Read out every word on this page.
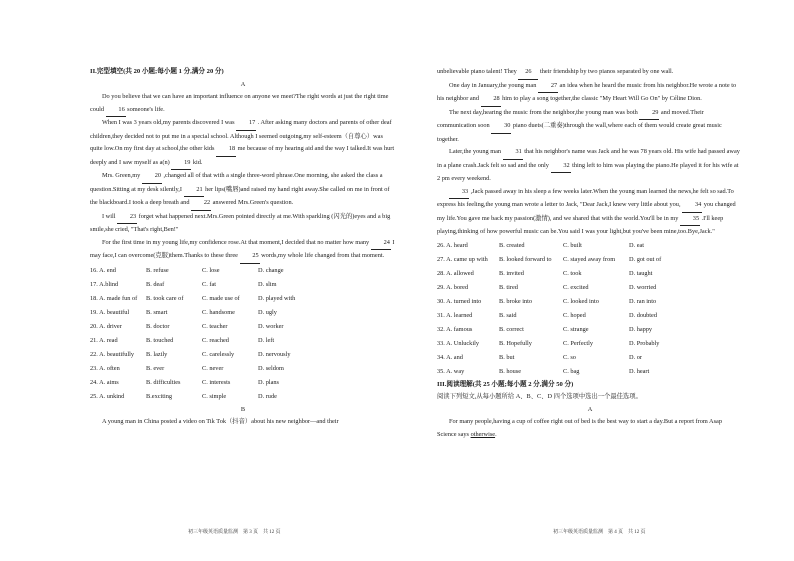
II.完型填空(共 20 小题;每小题 1 分,满分 20 分)

A

Do you believe that we can have an important influence on anyone we meet?The right words at just the right time could 16 someone's life.

When I was 3 years old,my parents discovered I was 17 . After asking many doctors and parents of other deaf children,they decided not to put me in a special school. Although I seemed outgoing,my self-esteem（自尊心）was quite low.On my first day at school,the other kids 18 me because of my hearing aid and the way I talked.It was hurt deeply and I saw myself as a(n) 19 kid.

Mrs. Green,my 20 ,changed all of that with a single three-word phrase.One morning, she asked the class a question.Sitting at my desk silently,I 21 her lips(嘴唇)and raised my hand right away.She called on me in front of the blackboard.I took a deep breath and 22 answered Mrs.Green's question.

I will 23 forget what happened next.Mrs.Green pointed directly at me.With sparkling (闪光的)eyes and a big smile,she cried, "That's right,Ben!"

For the first time in my young life,my confidence rose.At that moment,I decided that no matter how many 24 I may face,I can overcome(克服)them.Thanks to these three 25 words,my whole life changed from that moment.

16. A. end	B. refuse	C. lose	D. change
17. A.blind	B. deaf	C. fat	D. slim
18. A. made fun of	B. took care of	C. made use of	D. played with
19. A. beautiful	B. smart	C. handsome	D. ugly
20. A. driver	B. doctor	C. teacher	D. worker
21. A. read	B. touched	C. reached	D. left
22. A. beautifully	B. lazily	C. carelessly	D. nervously
23. A. often	B. ever	C. never	D. seldom
24. A. aims	B. difficulties	C. interests	D. plans
25. A. unkind	B.exciting	C. simple	D. rude

B

A young man in China posted a video on Tik Tok（抖音）about his new neighbor—and their

unbelievable piano talent! They 26 their friendship by two pianos separated by one wall.

One day in January,the young man 27 an idea when he heard the music from his neighbor.He wrote a note to his neighbor and 28 him to play a song together,the classic "My Heart Will Go On" by Céline Dion.

The next day,hearing the music from the neighbor,the young man was both 29 and moved.Their communication soon 30 piano duets(二重奏)through the wall,where each of them would create great music together.

Later,the young man 31 that his neighbor's name was Jack and he was 78 years old. His wife had passed away in a plane crash.Jack felt so sad and the only 32 thing left to him was playing the piano.He played it for his wife at 2 pm every weekend.

33 ,Jack passed away in his sleep a few weeks later.When the young man learned the news,he felt so sad.To express his feeling,the young man wrote a letter to Jack, "Dear Jack,I knew very little about you, 34 you changed my life.You gave me back my passion(激情), and we shared that with the world.You'll be in my 35 .I'll keep playing,thinking of how powerful music can be.You said I was your light,but you've been mine,too.Bye,Jack."

26. A. heard	B. created	C. built	D. eat
27. A. came up with	B. looked forward to	C. stayed away from	D. got out of
28. A. allowed	B. invited	C. took	D. taught
29. A. bored	B. tired	C. excited	D. worried
30. A. turned into	B. broke into	C. looked into	D. ran into
31. A. learned	B. said	C. hoped	D. doubted
32. A. famous	B. correct	C. strange	D. happy
33. A. Unluckily	B. Hopefully	C. Perfectly	D. Probably
34. A. and	B. but	C. so	D. or
35. A. way	B. house	C. bag	D. heart

III.阅读理解(共 25 小题;每小题 2 分,满分 50 分)

阅读下列短文,从每小题所给 A、B、C、D 四个选项中选出一个最佳选项。

A

For many people,having a cup of coffee right out of bed is the best way to start a day.But a report from Asap Science says otherwise.

初三年级英语质量监测　第 3 页　共 12 页	初三年级英语质量监测　第 4 页　共 12 页
